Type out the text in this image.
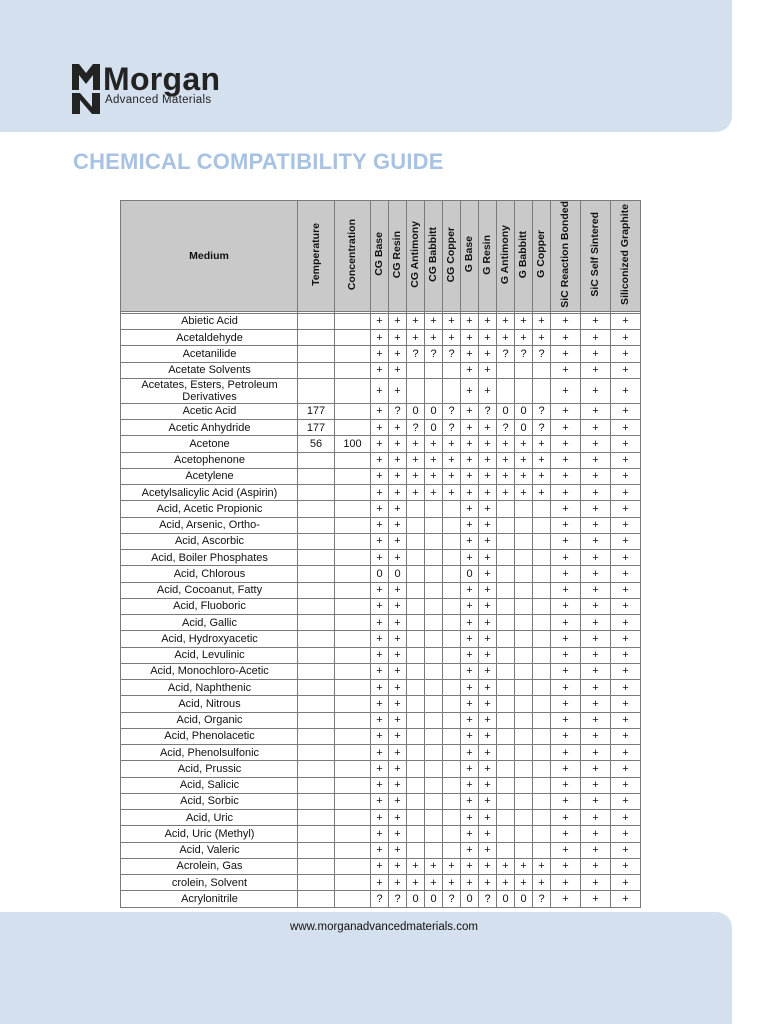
Morgan
Advanced Materials
CHEMICAL COMPATIBILITY GUIDE
Medium	Temperature	Concentration	CG Base	CG Resin	CG Antimony	CG Babbitt	CG Copper	G Base	G Resin	G Antimony	G Babbitt	G Copper	SiC Reaction Bonded	SiC Self Sintered	Siliconized Graphite

Abietic Acid			+	+	+	+	+	+	+	+	+	+	+	+	+
Acetaldehyde			+	+	+	+	+	+	+	+	+	+	+	+	+
Acetanilide			+	+	?	?	?	+	+	?	?	?	+	+	+
Acetate Solvents			+	+				+	+				+	+	+
Acetates, Esters, Petroleum Derivatives			+	+				+	+				+	+	+
Acetic Acid	177		+	?	0	0	?	+	?	0	0	?	+	+	+
Acetic Anhydride	177		+	+	?	0	?	+	+	?	0	?	+	+	+
Acetone	56	100	+	+	+	+	+	+	+	+	+	+	+	+	+
Acetophenone			+	+	+	+	+	+	+	+	+	+	+	+	+
Acetylene			+	+	+	+	+	+	+	+	+	+	+	+	+
Acetylsalicylic Acid (Aspirin)			+	+	+	+	+	+	+	+	+	+	+	+	+
Acid, Acetic Propionic			+	+				+	+				+	+	+
Acid, Arsenic, Ortho-			+	+				+	+				+	+	+
Acid, Ascorbic			+	+				+	+				+	+	+
Acid, Boiler Phosphates			+	+				+	+				+	+	+
Acid, Chlorous			0	0				0	+				+	+	+
Acid, Cocoanut, Fatty			+	+				+	+				+	+	+
Acid, Fluoboric			+	+				+	+				+	+	+
Acid, Gallic			+	+				+	+				+	+	+
Acid, Hydroxyacetic			+	+				+	+				+	+	+
Acid, Levulinic			+	+				+	+				+	+	+
Acid, Monochloro-Acetic			+	+				+	+				+	+	+
Acid, Naphthenic			+	+				+	+				+	+	+
Acid, Nitrous			+	+				+	+				+	+	+
Acid, Organic			+	+				+	+				+	+	+
Acid, Phenolacetic			+	+				+	+				+	+	+
Acid, Phenolsulfonic			+	+				+	+				+	+	+
Acid, Prussic			+	+				+	+				+	+	+
Acid, Salicic			+	+				+	+				+	+	+
Acid, Sorbic			+	+				+	+				+	+	+
Acid, Uric			+	+				+	+				+	+	+
Acid, Uric (Methyl)			+	+				+	+				+	+	+
Acid, Valeric			+	+				+	+				+	+	+
Acrolein, Gas			+	+	+	+	+	+	+	+	+	+	+	+	+
crolein, Solvent			+	+	+	+	+	+	+	+	+	+	+	+	+
Acrylonitrile			?	?	0	0	?	0	?	0	0	?	+	+	+
www.morganadvancedmaterials.com
